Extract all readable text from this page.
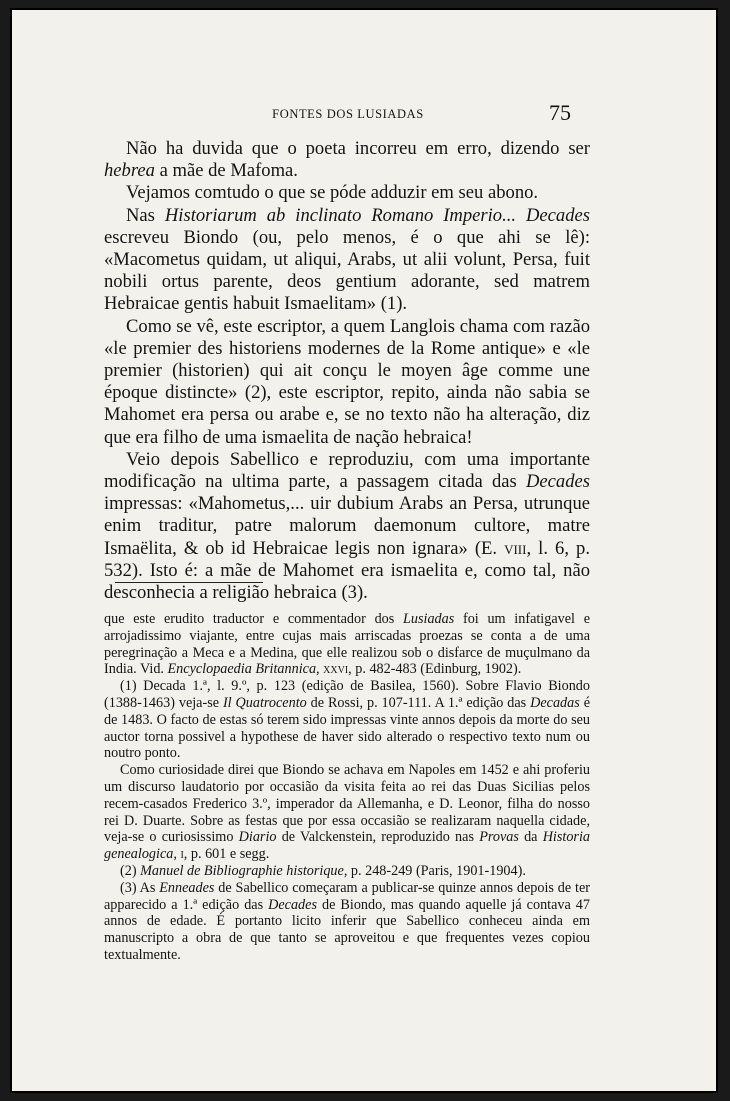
FONTES DOS LUSIADAS	75

Não ha duvida que o poeta incorreu em erro, dizendo ser hebrea a mãe de Mafoma.

Vejamos comtudo o que se póde adduzir em seu abono.

Nas Historiarum ab inclinato Romano Imperio... Decades escreveu Biondo (ou, pelo menos, é o que ahi se lê): «Macometus quidam, ut aliqui, Arabs, ut alii volunt, Persa, fuit nobili ortus parente, deos gentium adorante, sed matrem Hebraicae gentis habuit Ismaelitam» (1).

Como se vê, este escriptor, a quem Langlois chama com razão «le premier des historiens modernes de la Rome antique» e «le premier (historien) qui ait conçu le moyen âge comme une époque distincte» (2), este escriptor, repito, ainda não sabia se Mahomet era persa ou arabe e, se no texto não ha alteração, diz que era filho de uma ismaelita de nação hebraica!

Veio depois Sabellico e reproduziu, com uma importante modificação na ultima parte, a passagem citada das Decades impressas: «Mahometus,... uir dubium Arabs an Persa, utrunque enim traditur, patre malorum daemonum cultore, matre Ismaëlita, & ob id Hebraicae legis non ignara» (E. viii, l. 6, p. 532). Isto é: a mãe de Mahomet era ismaelita e, como tal, não desconhecia a religião hebraica (3).

que este erudito traductor e commentador dos Lusiadas foi um infatigavel e arrojadissimo viajante, entre cujas mais arriscadas proezas se conta a de uma peregrinação a Meca e a Medina, que elle realizou sob o disfarce de muçulmano da India. Vid. Encyclopaedia Britannica, xxvi, p. 482-483 (Edinburg, 1902).

(1) Decada 1.ª, l. 9.º, p. 123 (edição de Basilea, 1560). Sobre Flavio Biondo (1388-1463) veja-se Il Quatrocento de Rossi, p. 107-111. A 1.ª edição das Decadas é de 1483. O facto de estas só terem sido impressas vinte annos depois da morte do seu auctor torna possivel a hypothese de haver sido alterado o respectivo texto num ou noutro ponto.

Como curiosidade direi que Biondo se achava em Napoles em 1452 e ahi proferiu um discurso laudatorio por occasião da visita feita ao rei das Duas Sicilias pelos recem-casados Frederico 3.º, imperador da Allemanha, e D. Leonor, filha do nosso rei D. Duarte. Sobre as festas que por essa occasião se realizaram naquella cidade, veja-se o curiosissimo Diario de Valckenstein, reproduzido nas Provas da Historia genealogica, i, p. 601 e segg.

(2) Manuel de Bibliographie historique, p. 248-249 (Paris, 1901-1904).

(3) As Enneades de Sabellico começaram a publicar-se quinze annos depois de ter apparecido a 1.ª edição das Decades de Biondo, mas quando aquelle já contava 47 annos de edade. É portanto licito inferir que Sabellico conheceu ainda em manuscripto a obra de que tanto se aproveitou e que frequentes vezes copiou textualmente.
